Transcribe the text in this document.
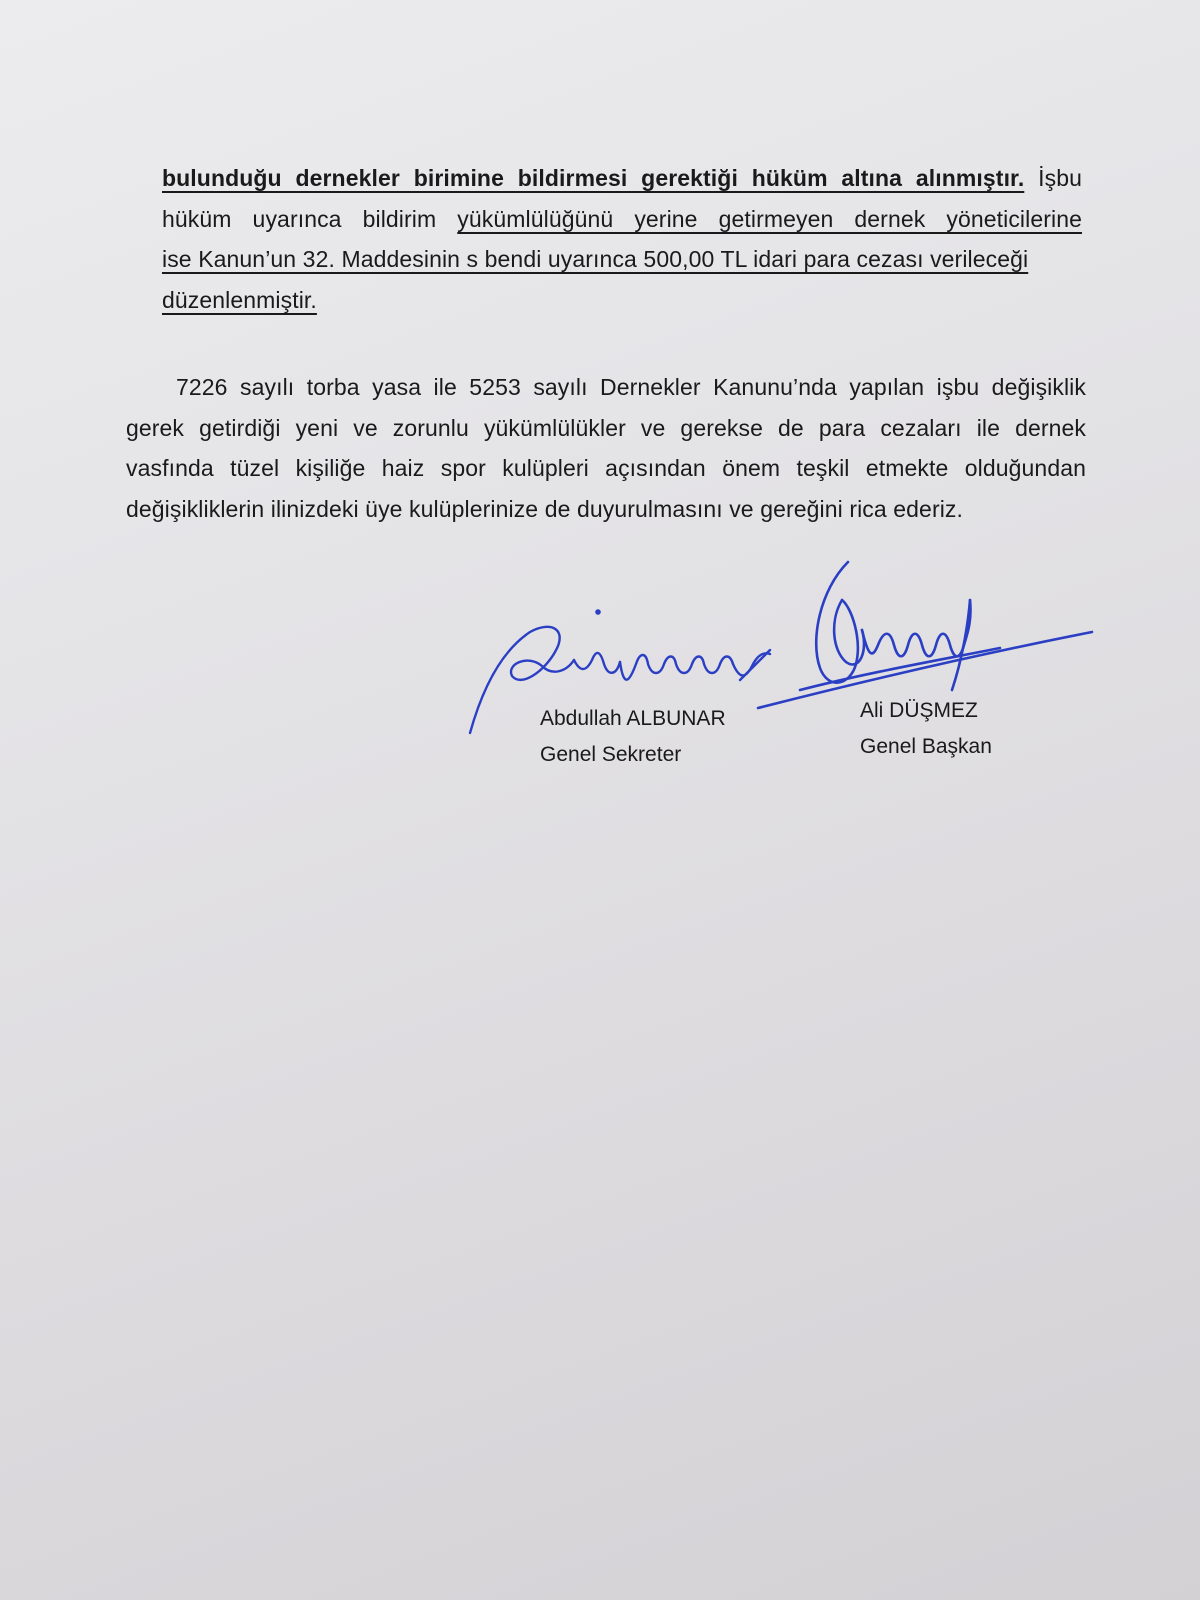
bulunduğu dernekler birimine bildirmesi gerektiği hüküm altına alınmıştır. İşbu
hüküm uyarınca bildirim yükümlülüğünü yerine getirmeyen dernek yöneticilerine
ise Kanun’un 32. Maddesinin s bendi uyarınca 500,00 TL idari para cezası verileceği
düzenlenmiştir.
7226 sayılı torba yasa ile 5253 sayılı Dernekler Kanunu’nda yapılan işbu değişiklik
gerek getirdiği yeni ve zorunlu yükümlülükler ve gerekse de para cezaları ile dernek
vasfında tüzel kişiliğe haiz spor kulüpleri açısından önem teşkil etmekte olduğundan
değişikliklerin ilinizdeki üye kulüplerinize de duyurulmasını ve gereğini rica ederiz.
Abdullah ALBUNAR
Genel Sekreter
Ali DÜŞMEZ
Genel Başkan
